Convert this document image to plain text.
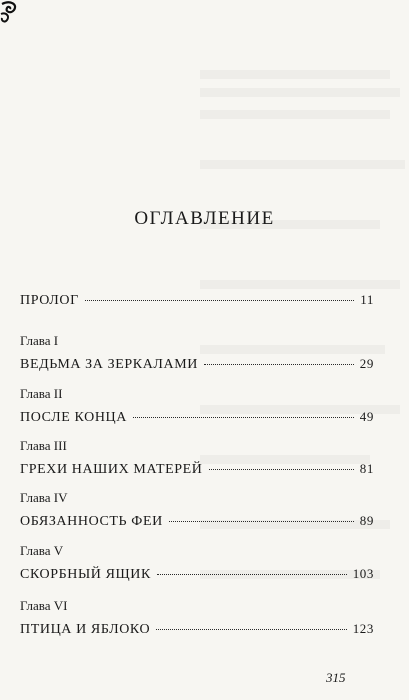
ОГЛАВЛЕНИЕ
ПРОЛОГ	11
Глава I
ВЕДЬМА ЗА ЗЕРКАЛАМИ	29
Глава II
ПОСЛЕ КОНЦА	49
Глава III
ГРЕХИ НАШИХ МАТЕРЕЙ	81
Глава IV
ОБЯЗАННОСТЬ ФЕИ	89
Глава V
СКОРБНЫЙ ЯЩИК	103
Глава VI
ПТИЦА И ЯБЛОКО	123
315
